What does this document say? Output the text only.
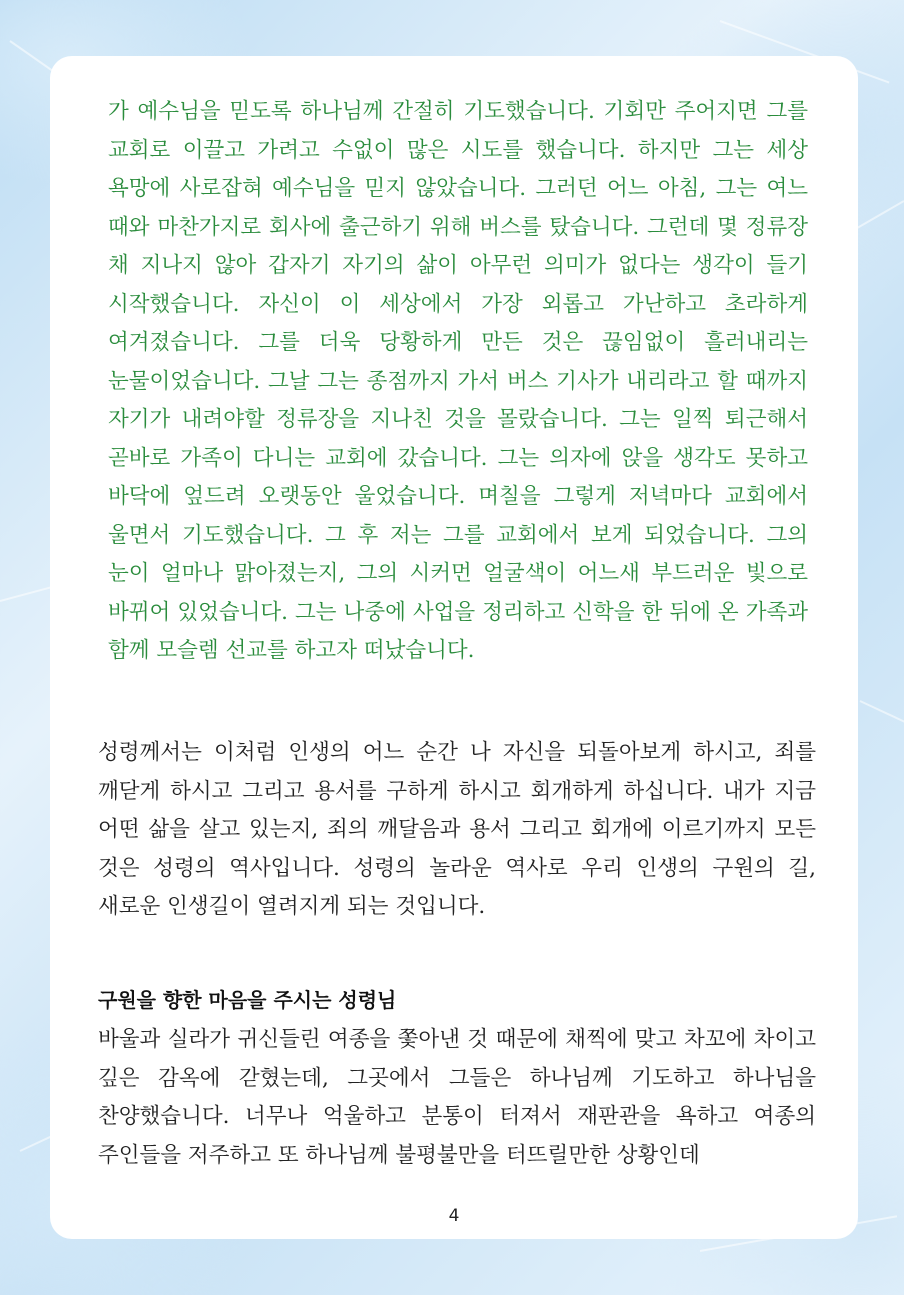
가 예수님을 믿도록 하나님께 간절히 기도했습니다. 기회만 주어지면 그를 교회로 이끌고 가려고 수없이 많은 시도를 했습니다. 하지만 그는 세상 욕망에 사로잡혀 예수님을 믿지 않았습니다. 그러던 어느 아침, 그는 여느 때와 마찬가지로 회사에 출근하기 위해 버스를 탔습니다. 그런데 몇 정류장 채 지나지 않아 갑자기 자기의 삶이 아무런 의미가 없다는 생각이 들기 시작했습니다. 자신이 이 세상에서 가장 외롭고 가난하고 초라하게 여겨졌습니다. 그를 더욱 당황하게 만든 것은 끊임없이 흘러내리는 눈물이었습니다. 그날 그는 종점까지 가서 버스 기사가 내리라고 할 때까지 자기가 내려야할 정류장을 지나친 것을 몰랐습니다. 그는 일찍 퇴근해서 곧바로 가족이 다니는 교회에 갔습니다. 그는 의자에 앉을 생각도 못하고 바닥에 엎드려 오랫동안 울었습니다. 며칠을 그렇게 저녁마다 교회에서 울면서 기도했습니다. 그 후 저는 그를 교회에서 보게 되었습니다. 그의 눈이 얼마나 맑아졌는지, 그의 시커먼 얼굴색이 어느새 부드러운 빛으로 바뀌어 있었습니다. 그는 나중에 사업을 정리하고 신학을 한 뒤에 온 가족과 함께 모슬렘 선교를 하고자 떠났습니다.
성령께서는 이처럼 인생의 어느 순간 나 자신을 되돌아보게 하시고, 죄를 깨닫게 하시고 그리고 용서를 구하게 하시고 회개하게 하십니다. 내가 지금 어떤 삶을 살고 있는지, 죄의 깨달음과 용서 그리고 회개에 이르기까지 모든 것은 성령의 역사입니다. 성령의 놀라운 역사로 우리 인생의 구원의 길, 새로운 인생길이 열려지게 되는 것입니다.
구원을 향한 마음을 주시는 성령님
바울과 실라가 귀신들린 여종을 쫓아낸 것 때문에 채찍에 맞고 차꼬에 차이고 깊은 감옥에 갇혔는데, 그곳에서 그들은 하나님께 기도하고 하나님을 찬양했습니다. 너무나 억울하고 분통이 터져서 재판관을 욕하고 여종의 주인들을 저주하고 또 하나님께 불평불만을 터뜨릴만한 상황인데
4
